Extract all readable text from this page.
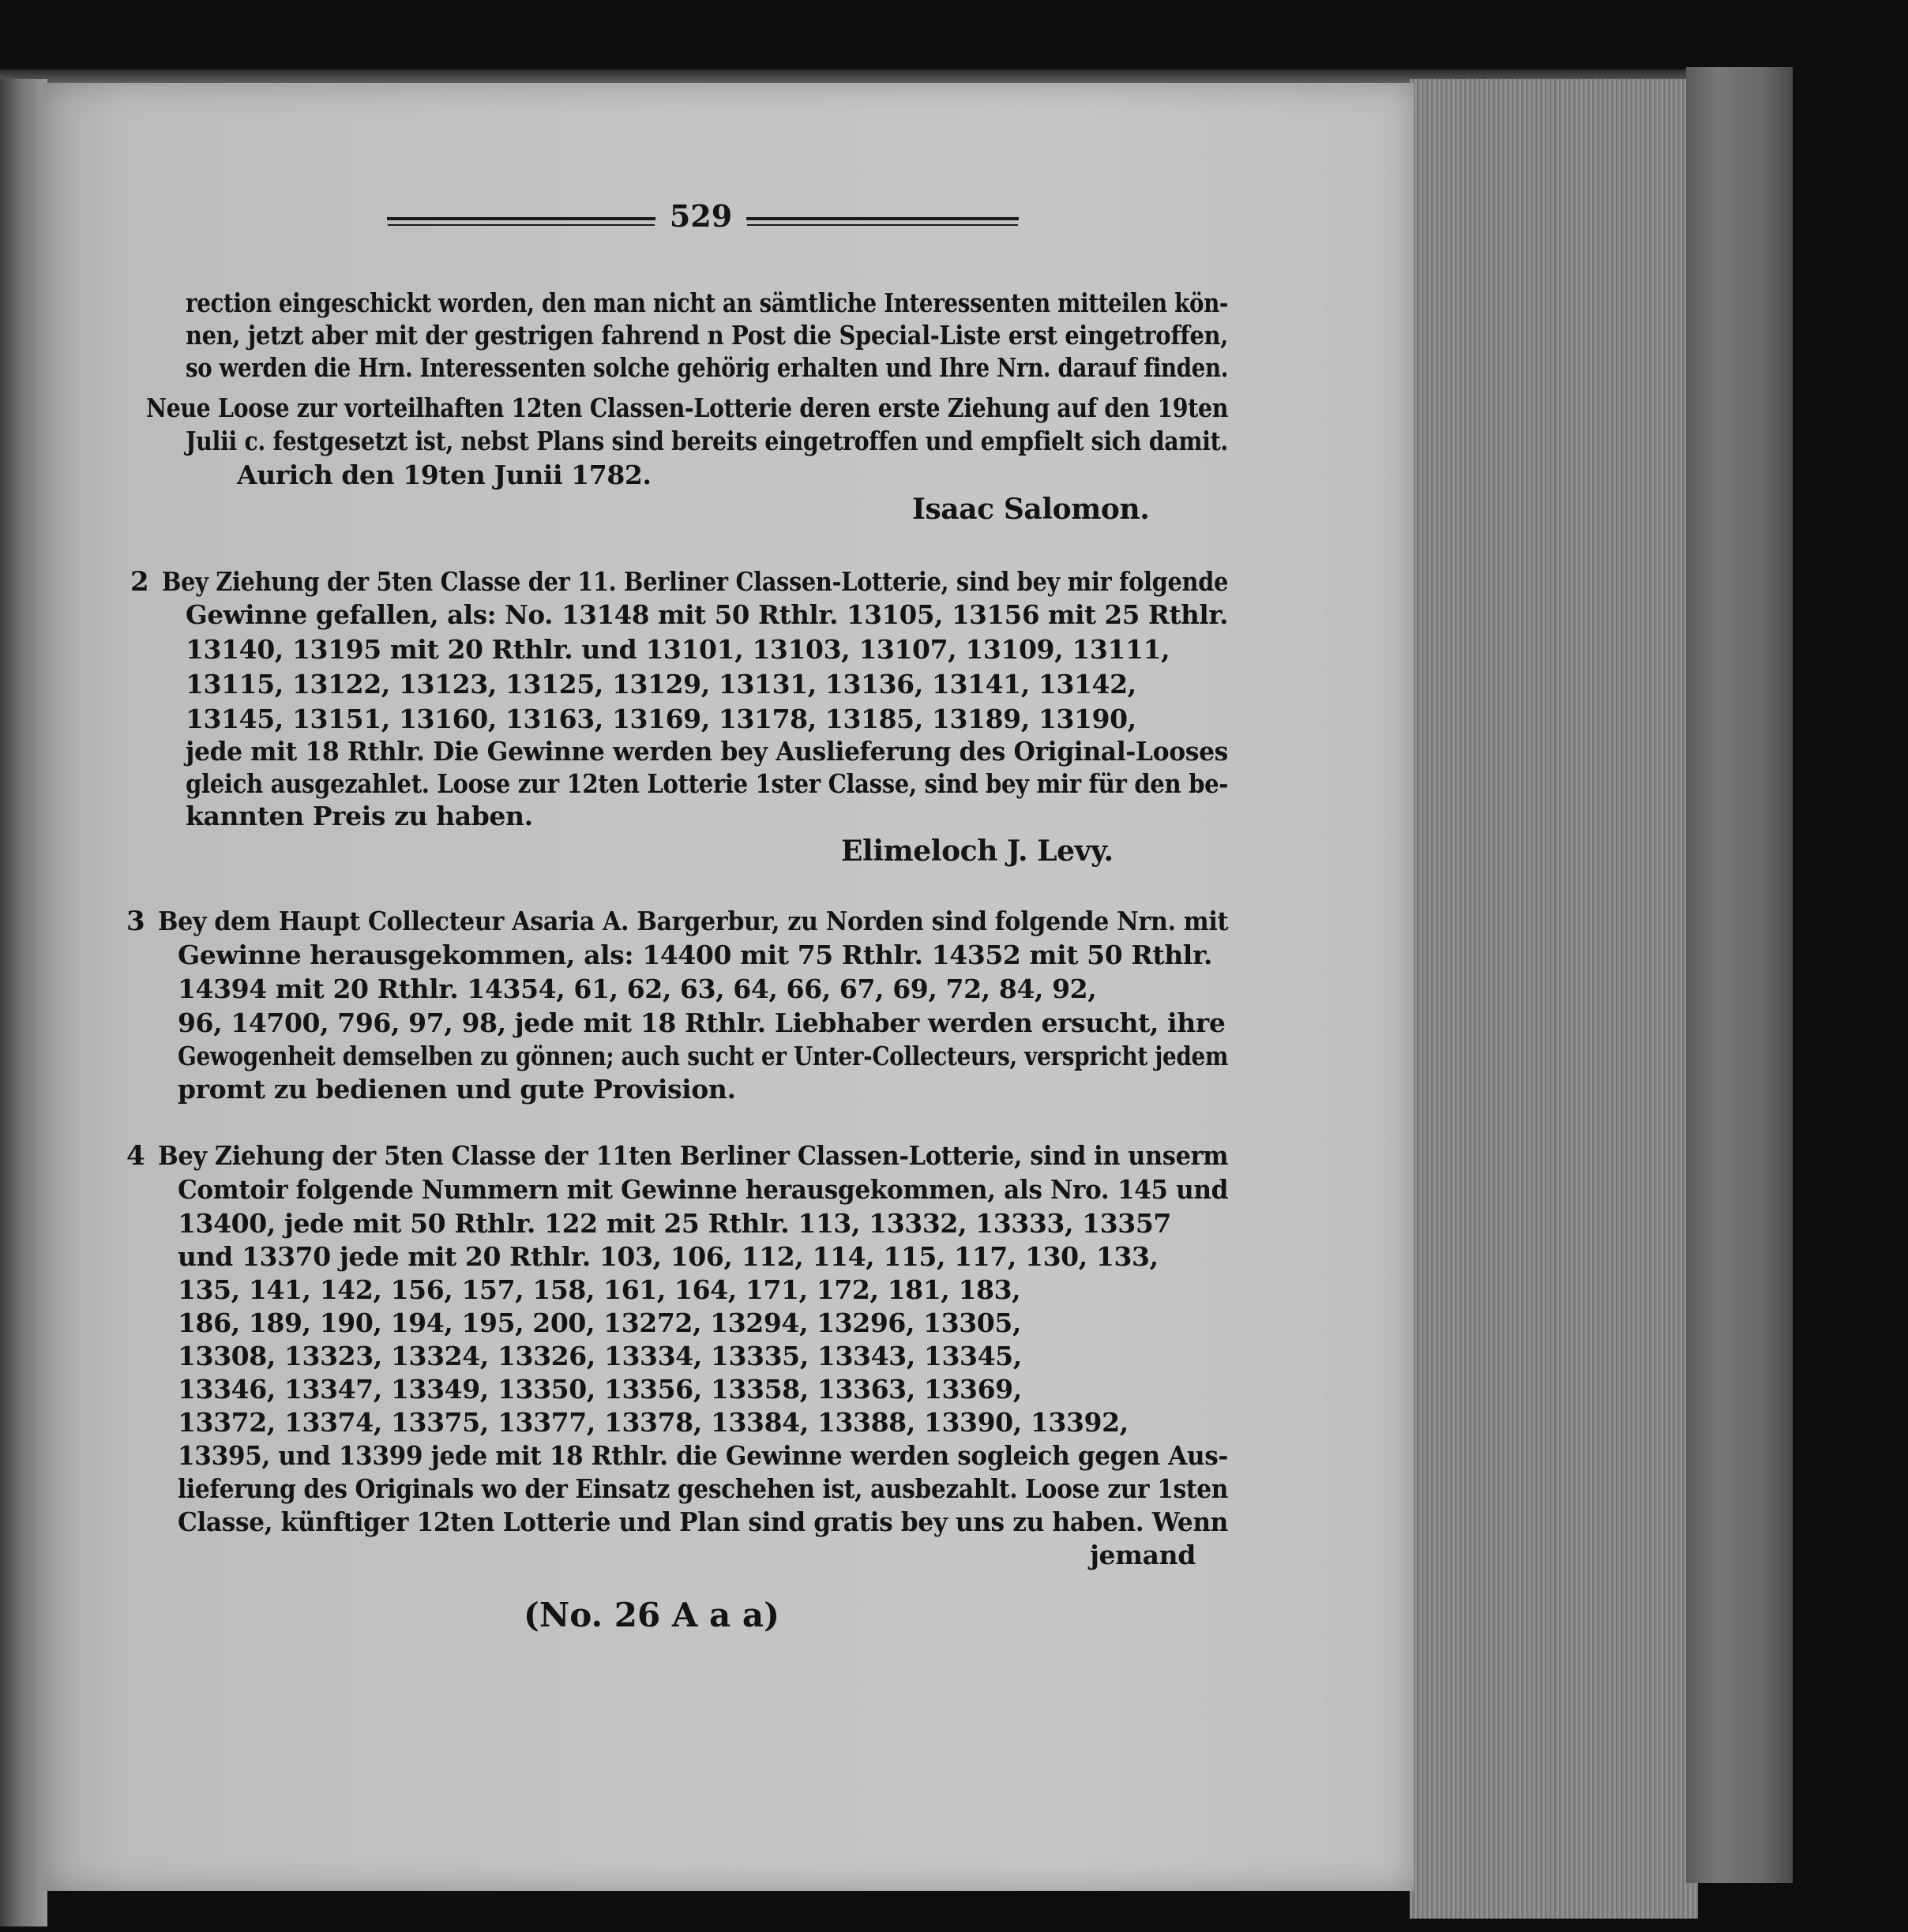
529
rection eingeschickt worden, den man nicht an sämtliche Interessenten mitteilen kön-
nen, jetzt aber mit der gestrigen fahrend n Post die Special-Liste erst eingetroffen,
so werden die Hrn. Interessenten solche gehörig erhalten und Ihre Nrn. darauf finden.
Neue Loose zur vorteilhaften 12ten Classen-Lotterie deren erste Ziehung auf den 19ten
Julii c. festgesetzt ist, nebst Plans sind bereits eingetroffen und empfielt sich damit.
Aurich den 19ten Junii 1782.
Isaac Salomon.
2 Bey Ziehung der 5ten Classe der 11. Berliner Classen-Lotterie, sind bey mir folgende
Gewinne gefallen, als: No. 13148 mit 50 Rthlr. 13105, 13156 mit 25 Rthlr.
13140, 13195 mit 20 Rthlr. und 13101, 13103, 13107, 13109, 13111,
13115, 13122, 13123, 13125, 13129, 13131, 13136, 13141, 13142,
13145, 13151, 13160, 13163, 13169, 13178, 13185, 13189, 13190,
jede mit 18 Rthlr. Die Gewinne werden bey Auslieferung des Original-Looses
gleich ausgezahlet. Loose zur 12ten Lotterie 1ster Classe, sind bey mir für den be-
kannten Preis zu haben.
Elimeloch J. Levy.
3 Bey dem Haupt Collecteur Asaria A. Bargerbur, zu Norden sind folgende Nrn. mit
Gewinne herausgekommen, als: 14400 mit 75 Rthlr. 14352 mit 50 Rthlr.
14394 mit 20 Rthlr. 14354, 61, 62, 63, 64, 66, 67, 69, 72, 84, 92,
96, 14700, 796, 97, 98, jede mit 18 Rthlr. Liebhaber werden ersucht, ihre
Gewogenheit demselben zu gönnen; auch sucht er Unter-Collecteurs, verspricht jedem
promt zu bedienen und gute Provision.
4 Bey Ziehung der 5ten Classe der 11ten Berliner Classen-Lotterie, sind in unserm
Comtoir folgende Nummern mit Gewinne herausgekommen, als Nro. 145 und
13400, jede mit 50 Rthlr. 122 mit 25 Rthlr. 113, 13332, 13333, 13357
und 13370 jede mit 20 Rthlr. 103, 106, 112, 114, 115, 117, 130, 133,
135, 141, 142, 156, 157, 158, 161, 164, 171, 172, 181, 183,
186, 189, 190, 194, 195, 200, 13272, 13294, 13296, 13305,
13308, 13323, 13324, 13326, 13334, 13335, 13343, 13345,
13346, 13347, 13349, 13350, 13356, 13358, 13363, 13369,
13372, 13374, 13375, 13377, 13378, 13384, 13388, 13390, 13392,
13395, und 13399 jede mit 18 Rthlr. die Gewinne werden sogleich gegen Aus-
lieferung des Originals wo der Einsatz geschehen ist, ausbezahlt. Loose zur 1sten
Classe, künftiger 12ten Lotterie und Plan sind gratis bey uns zu haben. Wenn
jemand
(No. 26 A a a)
